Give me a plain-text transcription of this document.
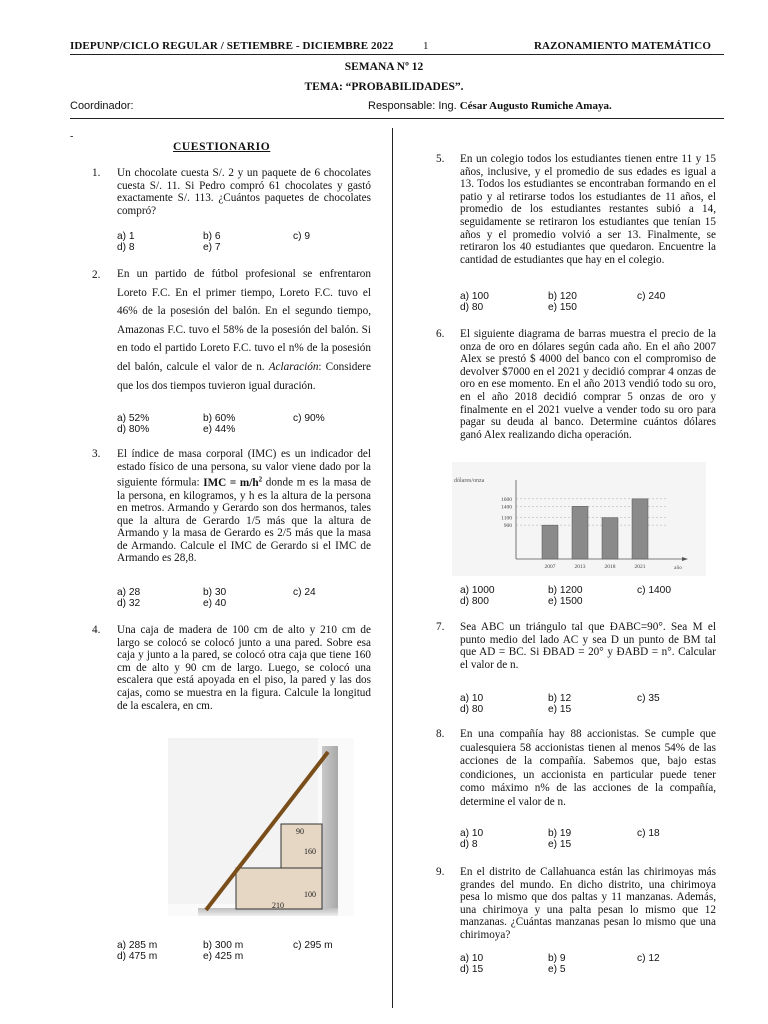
IDEPUNP/CICLO REGULAR / SETIEMBRE - DICIEMBRE 2022	1	RAZONAMIENTO MATEMÁTICO
SEMANA Nº 12
TEMA: “PROBABILIDADES”.
Coordinador:	Responsable: Ing. César Augusto Rumiche Amaya.
-
CUESTIONARIO
1. Un chocolate cuesta S/. 2 y un paquete de 6 chocolates cuesta S/. 11. Si Pedro compró 61 chocolates y gastó exactamente S/. 113. ¿Cuántos paquetes de chocolates compró?
a) 1	b) 6	c) 9
d) 8	e) 7
2. En un partido de fútbol profesional se enfrentaron Loreto F.C. En el primer tiempo, Loreto F.C. tuvo el 46% de la posesión del balón. En el segundo tiempo, Amazonas F.C. tuvo el 58% de la posesión del balón. Si en todo el partido Loreto F.C. tuvo el n% de la posesión del balón, calcule el valor de n. Aclaración: Considere que los dos tiempos tuvieron igual duración.
a) 52%	b) 60%	c) 90%
d) 80%	e) 44%
3. El índice de masa corporal (IMC) es un indicador del estado físico de una persona, su valor viene dado por la siguiente fórmula: IMC = $m/h^2$ donde m es la masa de la persona, en kilogramos, y h es la altura de la persona en metros. Armando y Gerardo son dos hermanos, tales que la altura de Gerardo 1/5 más que la altura de Armando y la masa de Gerardo es 2/5 más que la masa de Armando. Calcule el IMC de Gerardo si el IMC de Armando es 28,8.
a) 28	b) 30	c) 24
d) 32	e) 40
4. Una caja de madera de 100 cm de alto y 210 cm de largo se colocó se colocó junto a una pared. Sobre esa caja y junto a la pared, se colocó otra caja que tiene 160 cm de alto y 90 cm de largo. Luego, se colocó una escalera que está apoyada en el piso, la pared y las dos cajas, como se muestra en la figura. Calcule la longitud de la escalera, en cm.
90
160
100
210
a) 285 m	b) 300 m	c) 295 m
d) 475 m	e) 425 m
5. En un colegio todos los estudiantes tienen entre 11 y 15 años, inclusive, y el promedio de sus edades es igual a 13. Todos los estudiantes se encontraban formando en el patio y al retirarse todos los estudiantes de 11 años, el promedio de los estudiantes restantes subió a 14, seguidamente se retiraron los estudiantes que tenían 15 años y el promedio volvió a ser 13. Finalmente, se retiraron los 40 estudiantes que quedaron. Encuentre la cantidad de estudiantes que hay en el colegio.
a) 100	b) 120	c) 240
d) 80	e) 150
6. El siguiente diagrama de barras muestra el precio de la onza de oro en dólares según cada año. En el año 2007 Alex se prestó $ 4000 del banco con el compromiso de devolver $7000 en el 2021 y decidió comprar 4 onzas de oro en ese momento. En el año 2013 vendió todo su oro, en el año 2018 decidió comprar 5 onzas de oro y finalmente en el 2021 vuelve a vender todo su oro para pagar su deuda al banco. Determine cuántos dólares ganó Alex realizando dicha operación.
dólares/onza
año
900
1100
1400
1600
2007	2013	2018	2021
a) 1000	b) 1200	c) 1400
d) 800	e) 1500
7. Sea ABC un triángulo tal que ÐABC=90°. Sea M el punto medio del lado AC y sea D un punto de BM tal que AD = BC. Si ÐBAD = 20° y ÐABD = n°. Calcular el valor de n.
a) 10	b) 12	c) 35
d) 80	e) 15
8. En una compañía hay 88 accionistas. Se cumple que cualesquiera 58 accionistas tienen al menos 54% de las acciones de la compañía. Sabemos que, bajo estas condiciones, un accionista en particular puede tener como máximo n% de las acciones de la compañía, determine el valor de n.
a) 10	b) 19	c) 18
d) 8	e) 15
9. En el distrito de Callahuanca están las chirimoyas más grandes del mundo. En dicho distrito, una chirimoya pesa lo mismo que dos paltas y 11 manzanas. Además, una chirimoya y una palta pesan lo mismo que 12 manzanas. ¿Cuántas manzanas pesan lo mismo que una chirimoya?
a) 10	b) 9	c) 12
d) 15	e) 5
